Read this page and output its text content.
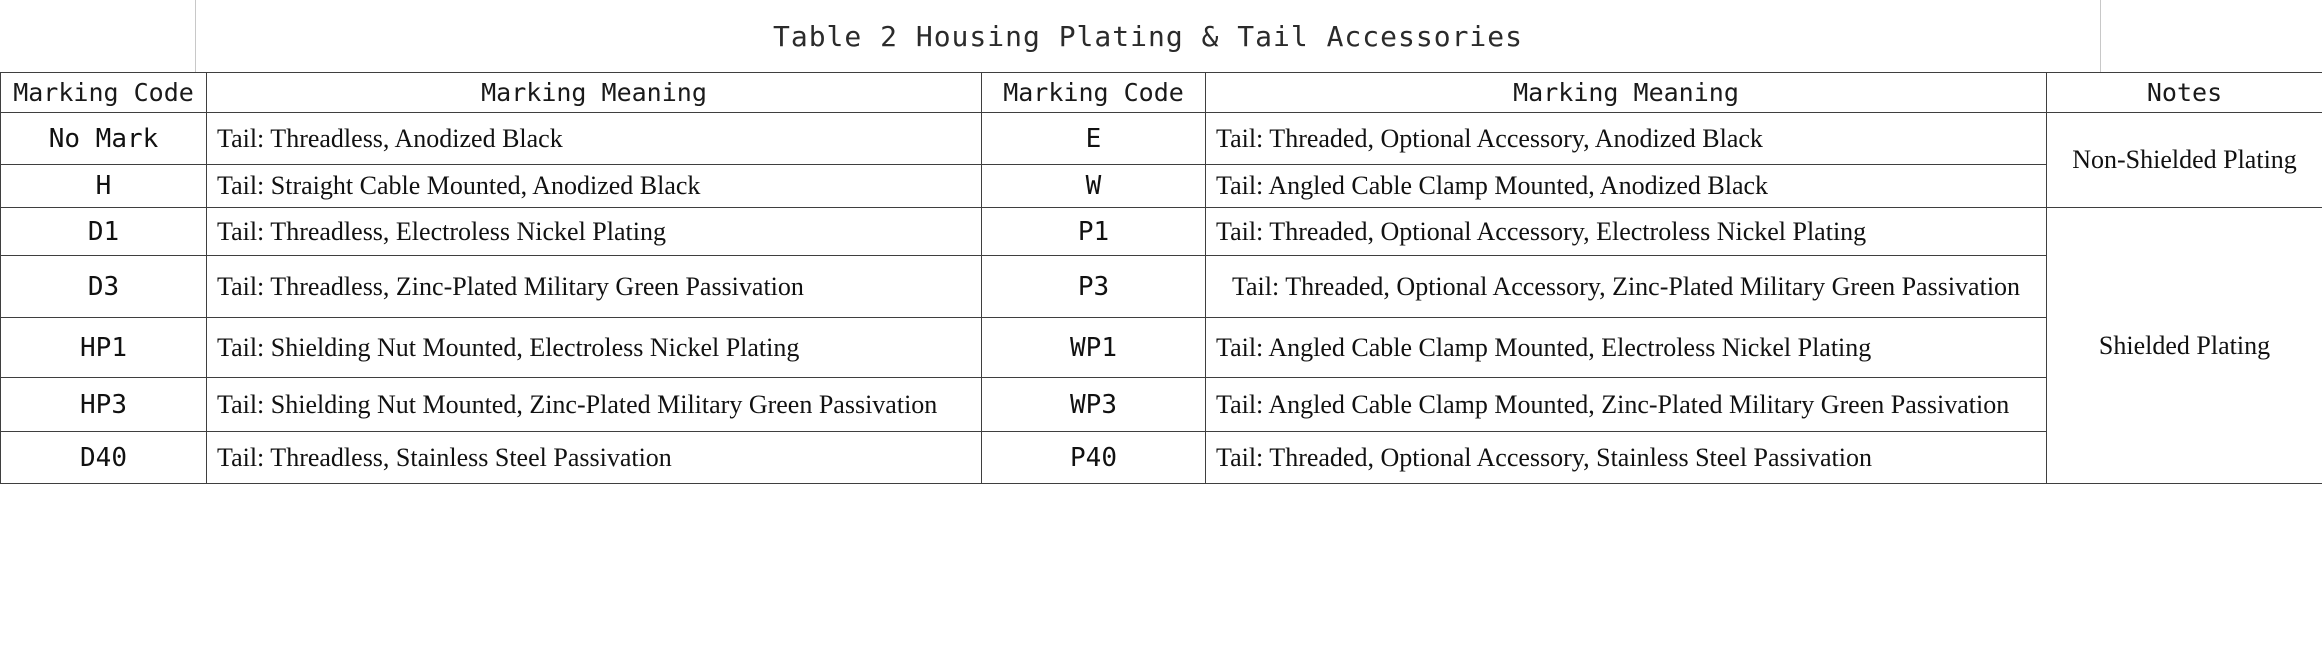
Table 2 Housing Plating & Tail Accessories
Marking Code	Marking Meaning	Marking Code	Marking Meaning	Notes
No Mark	Tail: Threadless, Anodized Black	E	Tail: Threaded, Optional Accessory, Anodized Black	Non-Shielded Plating
H	Tail: Straight Cable Mounted, Anodized Black	W	Tail: Angled Cable Clamp Mounted, Anodized Black	
D1	Tail: Threadless, Electroless Nickel Plating	P1	Tail: Threaded, Optional Accessory, Electroless Nickel Plating	Shielded Plating
D3	Tail: Threadless, Zinc-Plated Military Green Passivation	P3	Tail: Threaded, Optional Accessory, Zinc-Plated Military Green Passivation	
HP1	Tail: Shielding Nut Mounted, Electroless Nickel Plating	WP1	Tail: Angled Cable Clamp Mounted, Electroless Nickel Plating	
HP3	Tail: Shielding Nut Mounted, Zinc-Plated Military Green Passivation	WP3	Tail: Angled Cable Clamp Mounted, Zinc-Plated Military Green Passivation	
D40	Tail: Threadless, Stainless Steel Passivation	P40	Tail: Threaded, Optional Accessory, Stainless Steel Passivation	
